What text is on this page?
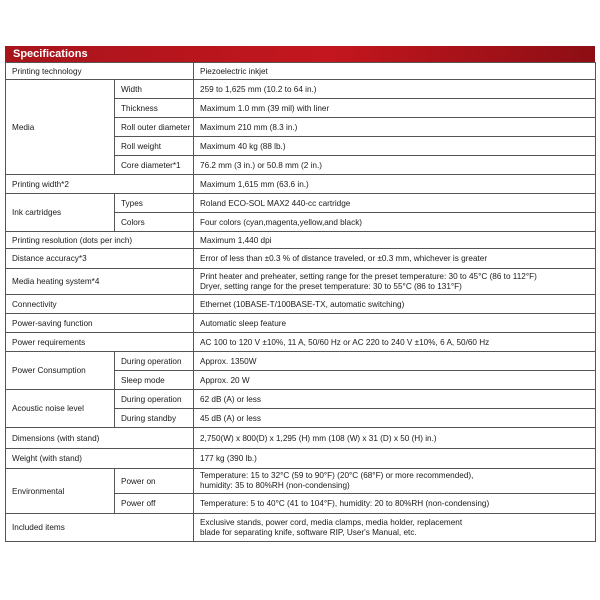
Specifications
Printing technology		Piezoelectric inkjet
Media	Width	259 to 1,625 mm (10.2 to 64 in.)
	Thickness	Maximum 1.0 mm (39 mil) with liner
	Roll outer diameter	Maximum 210 mm (8.3 in.)
	Roll weight	Maximum 40 kg (88 lb.)
	Core diameter*1	76.2 mm (3 in.) or 50.8 mm (2 in.)
Printing width*2		Maximum 1,615 mm (63.6 in.)
Ink cartridges	Types	Roland ECO-SOL MAX2 440-cc cartridge
	Colors	Four colors (cyan,magenta,yellow,and black)
Printing resolution (dots per inch)		Maximum 1,440 dpi
Distance accuracy*3		Error of less than ±0.3 % of distance traveled, or ±0.3 mm, whichever is greater
Media heating system*4		Print heater and preheater, setting range for the preset temperature: 30 to 45°C (86 to 112°F)
Dryer, setting range for the preset temperature: 30 to 55°C (86 to 131°F)

Connectivity		Ethernet (10BASE-T/100BASE-TX, automatic switching)
Power-saving function		Automatic sleep feature
Power requirements		AC 100 to 120 V ±10%, 11 A, 50/60 Hz or AC 220 to 240 V ±10%, 6 A, 50/60 Hz
Power Consumption	During operation	Approx. 1350W
	Sleep mode	Approx. 20 W
Acoustic noise level	During operation	62 dB (A) or less
	During standby	45 dB (A) or less
Dimensions (with stand)		2,750(W) x 800(D) x 1,295 (H) mm (108 (W) x 31 (D) x 50 (H) in.)
Weight (with stand)		177 kg (390 lb.)
Environmental	Power on	Temperature: 15 to 32°C (59 to 90°F) (20°C (68°F) or more recommended),
humidity: 35 to 80%RH (non-condensing)

	Power off	Temperature: 5 to 40°C (41 to 104°F), humidity: 20 to 80%RH (non-condensing)
Included items		Exclusive stands, power cord, media clamps, media holder, replacement
blade for separating knife, software RIP, User's Manual, etc.
